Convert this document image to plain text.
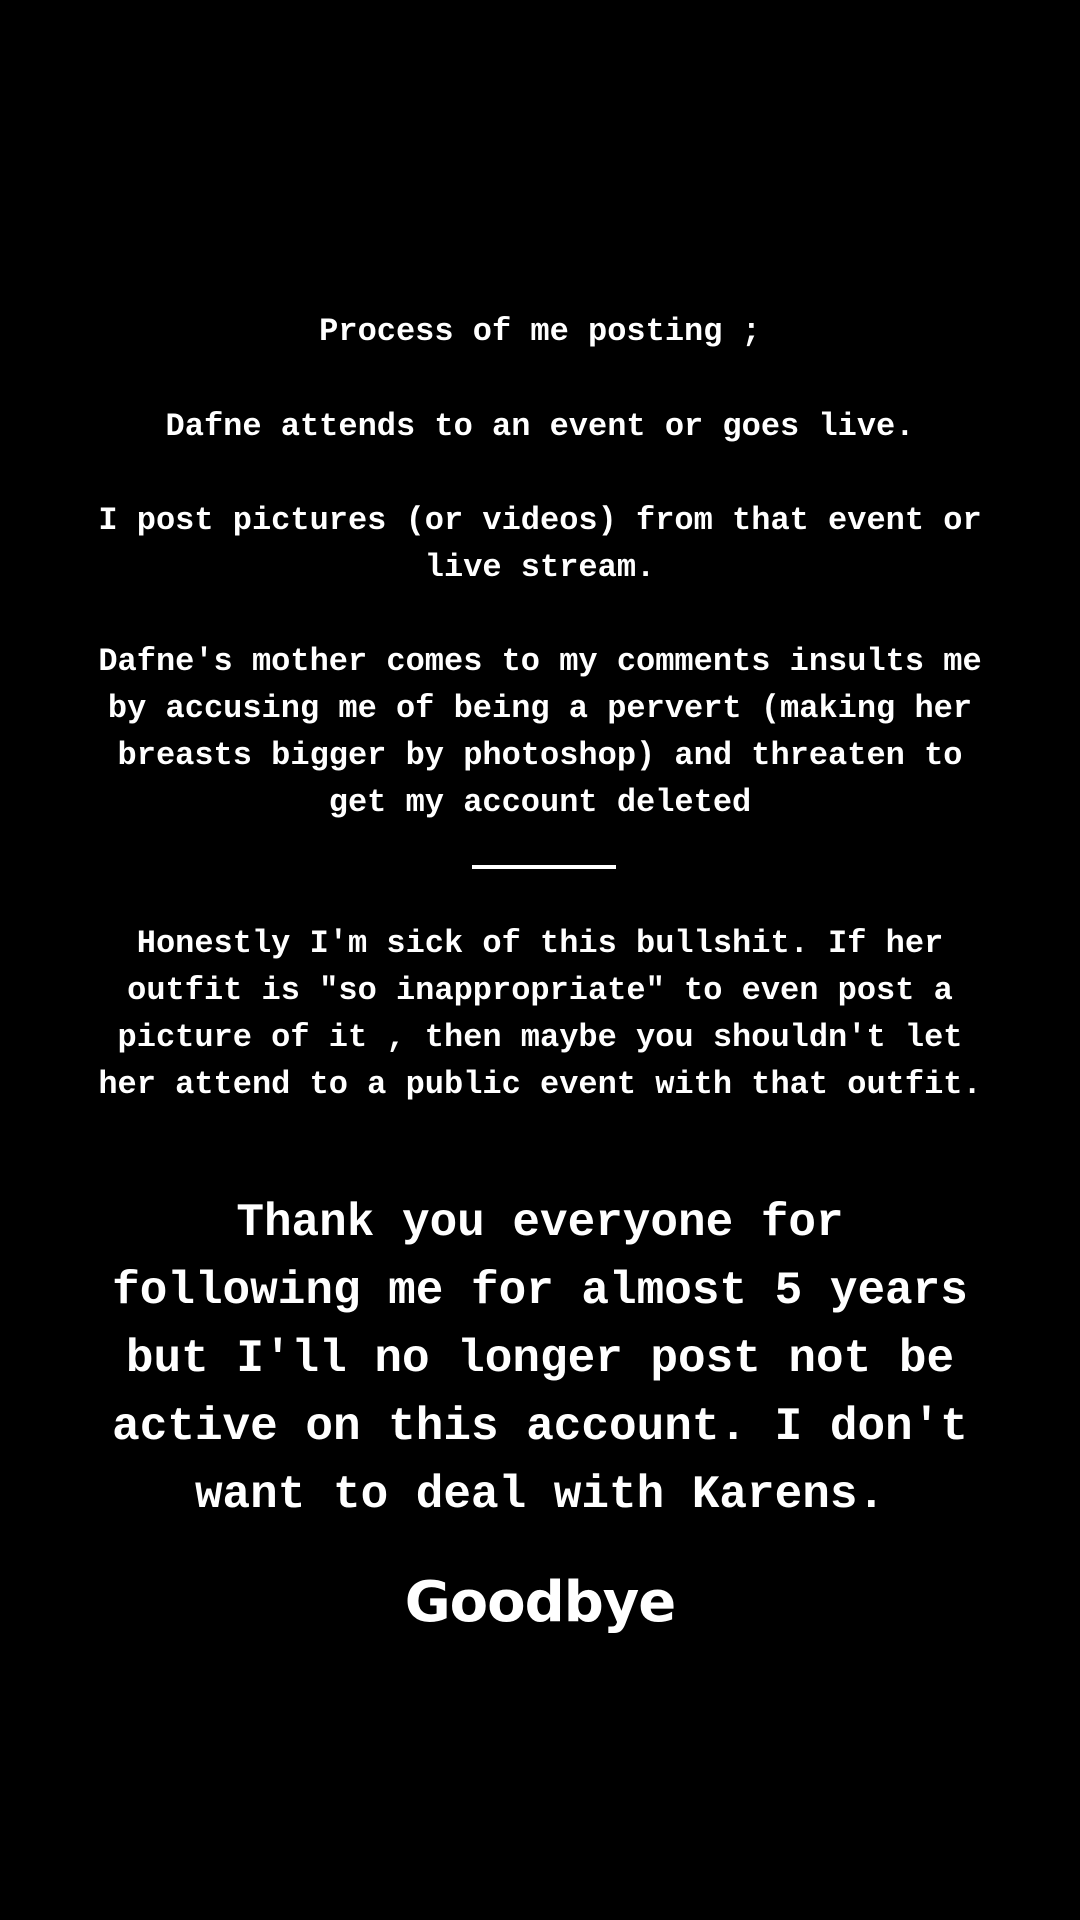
Process of me posting ;
Dafne attends to an event or goes live.
I post pictures (or videos) from that event or
live stream.
Dafne's mother comes to my comments insults me
by accusing me of being a pervert (making her
breasts bigger by photoshop) and threaten to
get my account deleted
Honestly I'm sick of this bullshit. If her
outfit is "so inappropriate" to even post a
picture of it , then maybe you shouldn't let
her attend to a public event with that outfit.
Thank you everyone for
following me for almost 5 years
but I'll no longer post not be
active on this account. I don't
want to deal with Karens.
Goodbye
